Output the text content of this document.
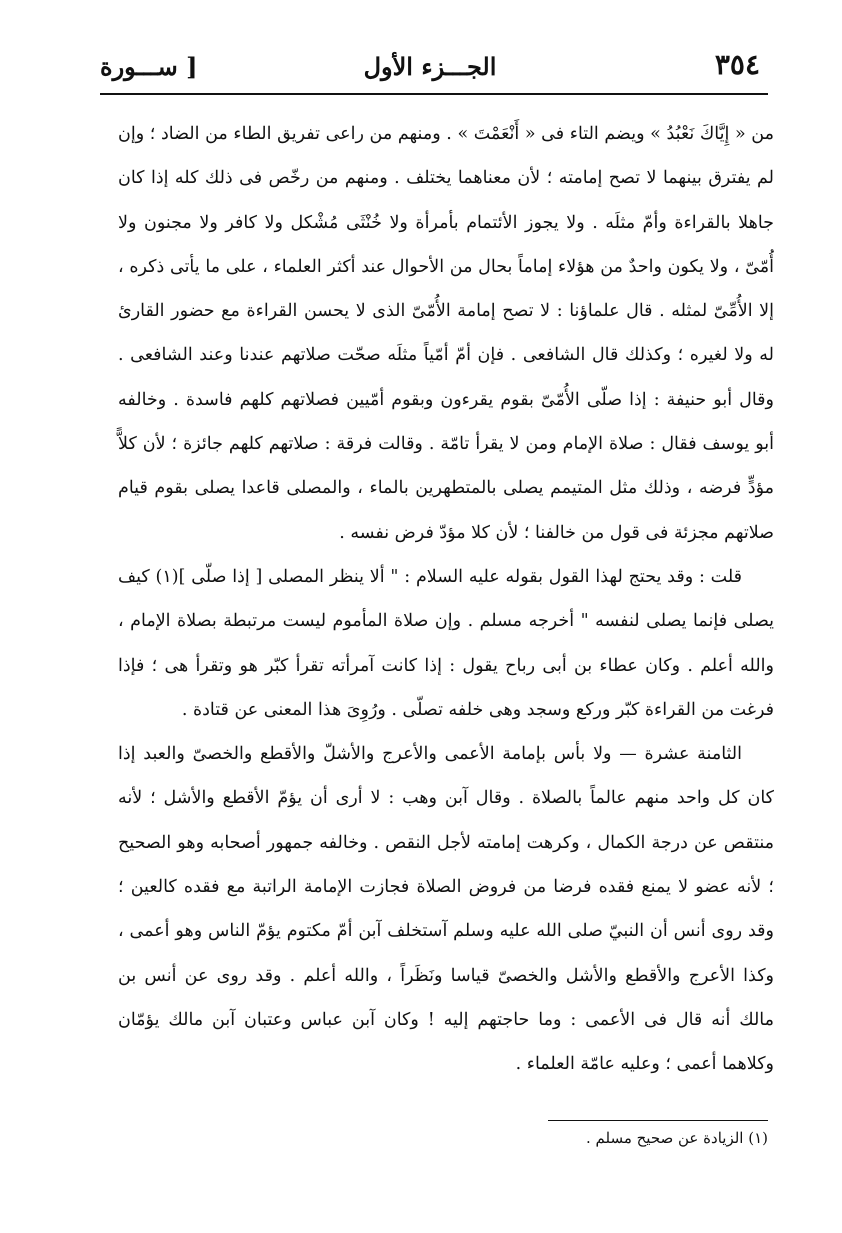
٣٥٤
الجـــزء الأول
[ ســـورة

من « إِيَّاكَ نَعْبُدُ » ويضم التاء فى « أَنْعَمْتَ » . ومنهم من راعى تفريق الطاء من الضاد ؛ وإن لم يفترق بينهما لا تصح إمامته ؛ لأن معناهما يختلف . ومنهم من رخّص فى ذلك كله إذا كان جاهلا بالقراءة وأمّ مثلَه . ولا يجوز الأئتمام بأمرأة ولا خُنْثَى مُشْكل ولا كافر ولا مجنون ولا أُمّىّ ، ولا يكون واحدٌ من هؤلاء إماماً بحال من الأحوال عند أكثر العلماء ، على ما يأتى ذكره ، إلا الأُمِّىّ لمثله . قال علماؤنا : لا تصح إمامة الأُمّىّ الذى لا يحسن القراءة مع حضور القارئ له ولا لغيره ؛ وكذلك قال الشافعى . فإن أمّ أمّياً مثلَه صحّت صلاتهم عندنا وعند الشافعى . وقال أبو حنيفة : إذا صلّى الأُمّىّ بقوم يقرءون وبقوم أمّيين فصلاتهم كلهم فاسدة . وخالفه أبو يوسف فقال : صلاة الإمام ومن لا يقرأ تامّة . وقالت فرقة : صلاتهم كلهم جائزة ؛ لأن كلاًّ مؤدٍّ فرضه ، وذلك مثل المتيمم يصلى بالمتطهرين بالماء ، والمصلى قاعدا يصلى بقوم قيام صلاتهم مجزئة فى قول من خالفنا ؛ لأن كلا مؤدّ فرض نفسه .

قلت : وقد يحتج لهذا القول بقوله عليه السلام : " ألا ينظر المصلى [ إذا صلّى ](١) كيف يصلى فإنما يصلى لنفسه " أخرجه مسلم . وإن صلاة المأموم ليست مرتبطة بصلاة الإمام ، والله أعلم . وكان عطاء بن أبى رباح يقول : إذا كانت آمرأته تقرأ كبّر هو وتقرأ هى ؛ فإذا فرغت من القراءة كبّر وركع وسجد وهى خلفه تصلّى . ورُوِىَ هذا المعنى عن قتادة .

الثامنة عشرة — ولا بأس بإمامة الأعمى والأعرج والأشلّ والأقطع والخصىّ والعبد إذا كان كل واحد منهم عالماً بالصلاة . وقال آبن وهب : لا أرى أن يؤمّ الأقطع والأشل ؛ لأنه منتقص عن درجة الكمال ، وكرهت إمامته لأجل النقص . وخالفه جمهور أصحابه وهو الصحيح ؛ لأنه عضو لا يمنع فقده فرضا من فروض الصلاة فجازت الإمامة الراتبة مع فقده كالعين ؛ وقد روى أنس أن النبيّ صلى الله عليه وسلم آستخلف آبن أمّ مكتوم يؤمّ الناس وهو أعمى ، وكذا الأعرج والأقطع والأشل والخصىّ قياسا ونَظَراً ، والله أعلم . وقد روى عن أنس بن مالك أنه قال فى الأعمى : وما حاجتهم إليه ! وكان آبن عباس وعتبان آبن مالك يؤمّان وكلاهما أعمى ؛ وعليه عامّة العلماء .

(١) الزيادة عن صحيح مسلم .
